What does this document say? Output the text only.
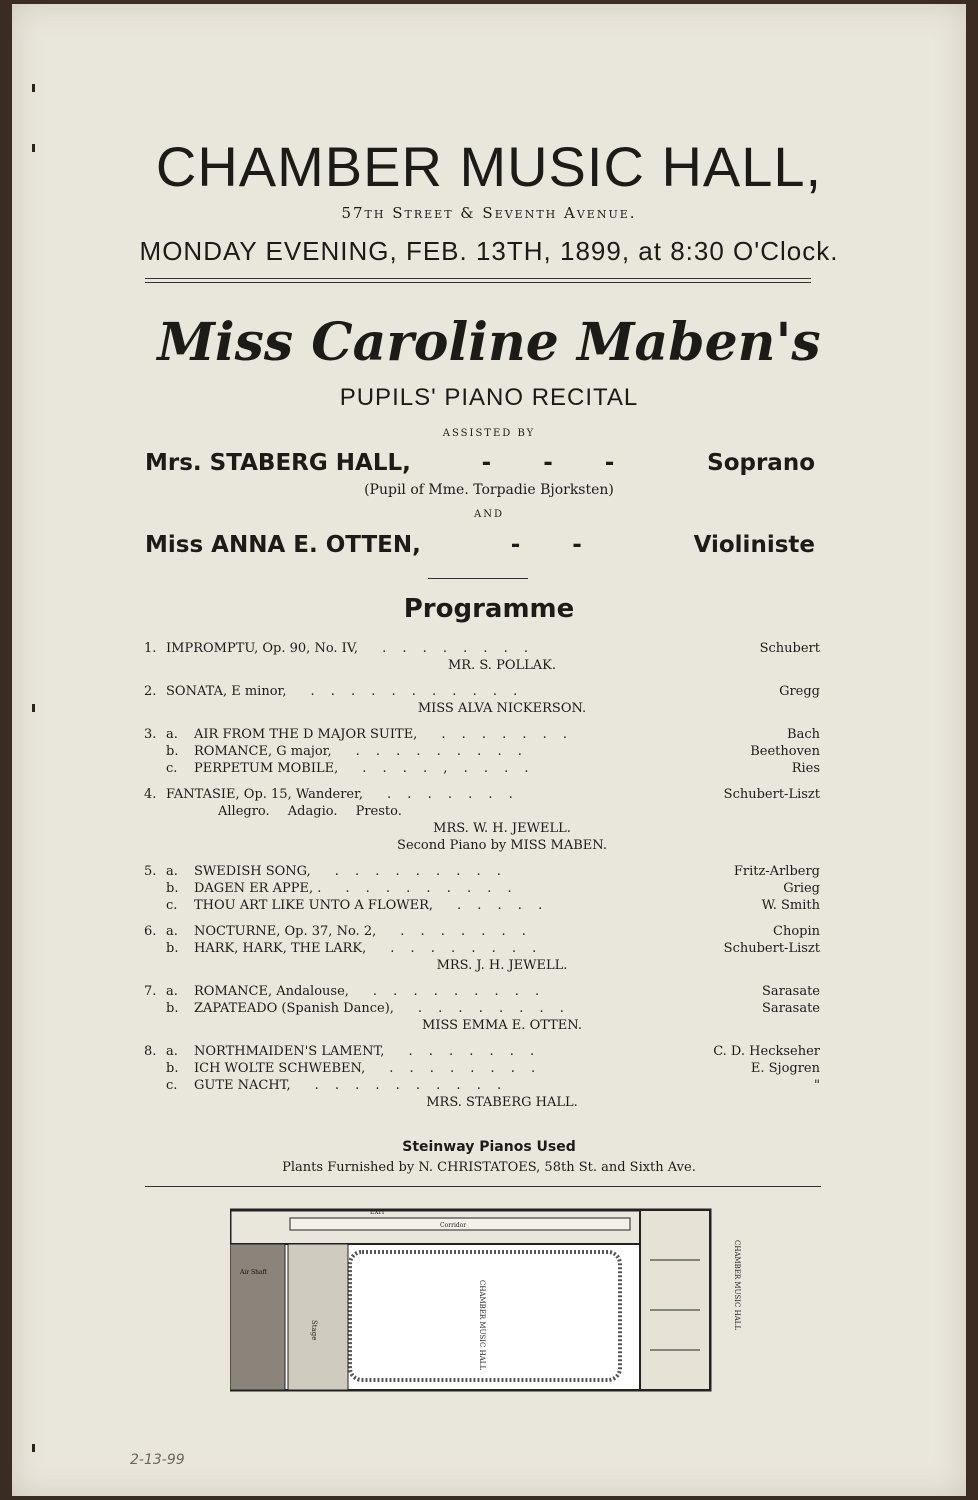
CHAMBER MUSIC HALL,
57th Street & Seventh Avenue.
MONDAY EVENING, FEB. 13TH, 1899, at 8:30 O'Clock.
Miss Caroline Maben's
PUPILS' PIANO RECITAL
ASSISTED BY
Mrs. STABERG HALL,	- - -	Soprano
(Pupil of Mme. Torpadie Bjorksten)
AND
Miss ANNA E. OTTEN,	- -	Violiniste
Programme
1. IMPROMPTU, Op. 90, No. IV, . . . . . . . .	Schubert
MR. S. POLLAK.
2. SONATA, E minor, . . . . . . . . . . .	Gregg
MISS ALVA NICKERSON.
3. a. AIR FROM THE D MAJOR SUITE, . . . . . . .	Bach
b. ROMANCE, G major, . . . . . . . . .	Beethoven
c. PERPETUM MOBILE, . . . . , . . . .	Ries
4. FANTASIE, Op. 15, Wanderer, . . . . . . .	Schubert-Liszt
Allegro. Adagio. Presto.
MRS. W. H. JEWELL.
Second Piano by MISS MABEN.
5. a. SWEDISH SONG, . . . . . . . . .	Fritz-Arlberg
b. DAGEN ER APPE, . . . . . . . . . .	Grieg
c. THOU ART LIKE UNTO A FLOWER, . . . . .	W. Smith
6. a. NOCTURNE, Op. 37, No. 2, . . . . . . .	Chopin
b. HARK, HARK, THE LARK, . . . . . . . .	Schubert-Liszt
MRS. J. H. JEWELL.
7. a. ROMANCE, Andalouse, . . . . . . . . .	Sarasate
b. ZAPATEADO (Spanish Dance), . . . . . . . .	Sarasate
MISS EMMA E. OTTEN.
8. a. NORTHMAIDEN'S LAMENT, . . . . . . .	C. D. Heckseher
b. ICH WOLTE SCHWEBEN, . . . . . . . .	E. Sjogren
c. GUTE NACHT, . . . . . . . . . .	"
MRS. STABERG HALL.
Steinway Pianos Used
Plants Furnished by N. CHRISTATOES, 58th St. and Sixth Ave.
Corridor
EXIT
Stage
Air Shaft
CHAMBER MUSIC HALL	CHAMBER MUSIC HALL
2-13-99
